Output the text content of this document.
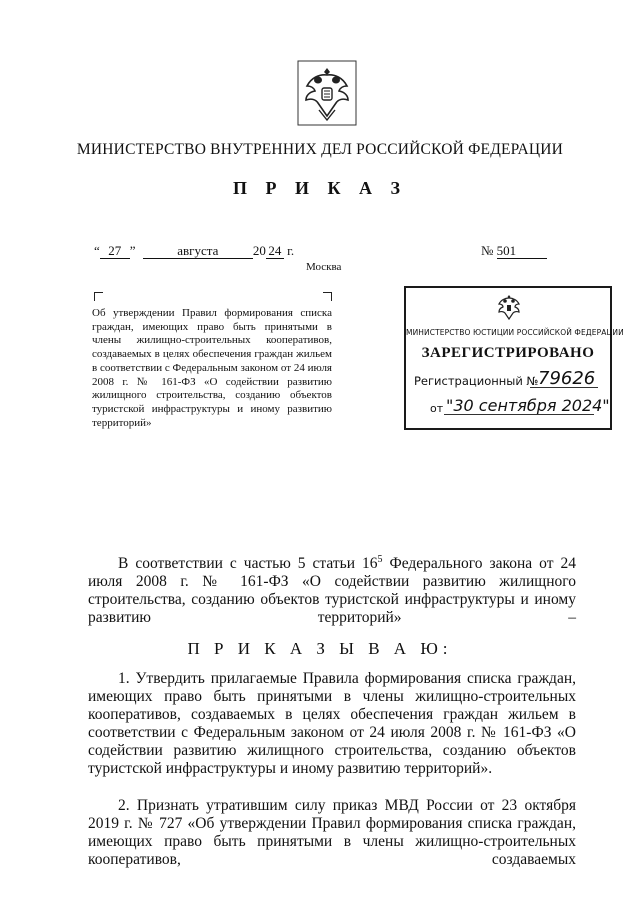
МИНИСТЕРСТВО ВНУТРЕННИХ ДЕЛ РОССИЙСКОЙ ФЕДЕРАЦИИ
П Р И К А З
“ 27 ”	августа	20 24 г.	№ 501
Москва
Об утверждении Правил формирования списка граждан, имеющих право быть принятыми в члены жилищно-строительных кооперативов, создаваемых в целях обеспечения граждан жильем в соответствии с Федеральным законом от 24 июля 2008 г. № 161-ФЗ «О содействии развитию жилищного строительства, созданию объектов туристской инфраструктуры и иному развитию территорий»
МИНИСТЕРСТВО ЮСТИЦИИ РОССИЙСКОЙ ФЕДЕРАЦИИ
ЗАРЕГИСТРИРОВАНО
Регистрационный № 79626
от "30 сентября 2024"
В соответствии с частью 5 статьи $16^5$ Федерального закона от 24 июля 2008 г. № 161-ФЗ «О содействии развитию жилищного строительства, созданию объектов туристской инфраструктуры и иному развитию территорий» –
П Р И К А З Ы В А Ю:
1. Утвердить прилагаемые Правила формирования списка граждан, имеющих право быть принятыми в члены жилищно-строительных кооперативов, создаваемых в целях обеспечения граждан жильем в соответствии с Федеральным законом от 24 июля 2008 г. № 161-ФЗ «О содействии развитию жилищного строительства, созданию объектов туристской инфраструктуры и иному развитию территорий».
2. Признать утратившим силу приказ МВД России от 23 октября 2019 г. № 727 «Об утверждении Правил формирования списка граждан, имеющих право быть принятыми в члены жилищно-строительных кооперативов, создаваемых
